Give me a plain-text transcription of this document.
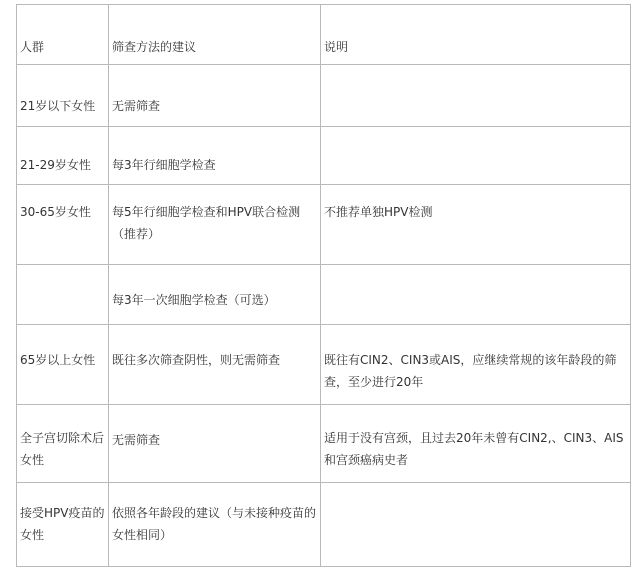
人群	筛查方法的建议	说明
21岁以下女性	无需筛查	
21-29岁女性	每3年行细胞学检查	
30-65岁女性	每5年行细胞学检查和HPV联合检测（推荐）	不推荐单独HPV检测
	每3年一次细胞学检查（可选）	
65岁以上女性	既往多次筛查阴性，则无需筛查	既往有CIN2、CIN3或AIS，应继续常规的该年龄段的筛查，至少进行20年
全子宫切除术后女性	无需筛查	适用于没有宫颈，且过去20年未曾有CIN2,、CIN3、AIS和宫颈癌病史者
接受HPV疫苗的女性	依照各年龄段的建议（与未接种疫苗的女性相同）	
